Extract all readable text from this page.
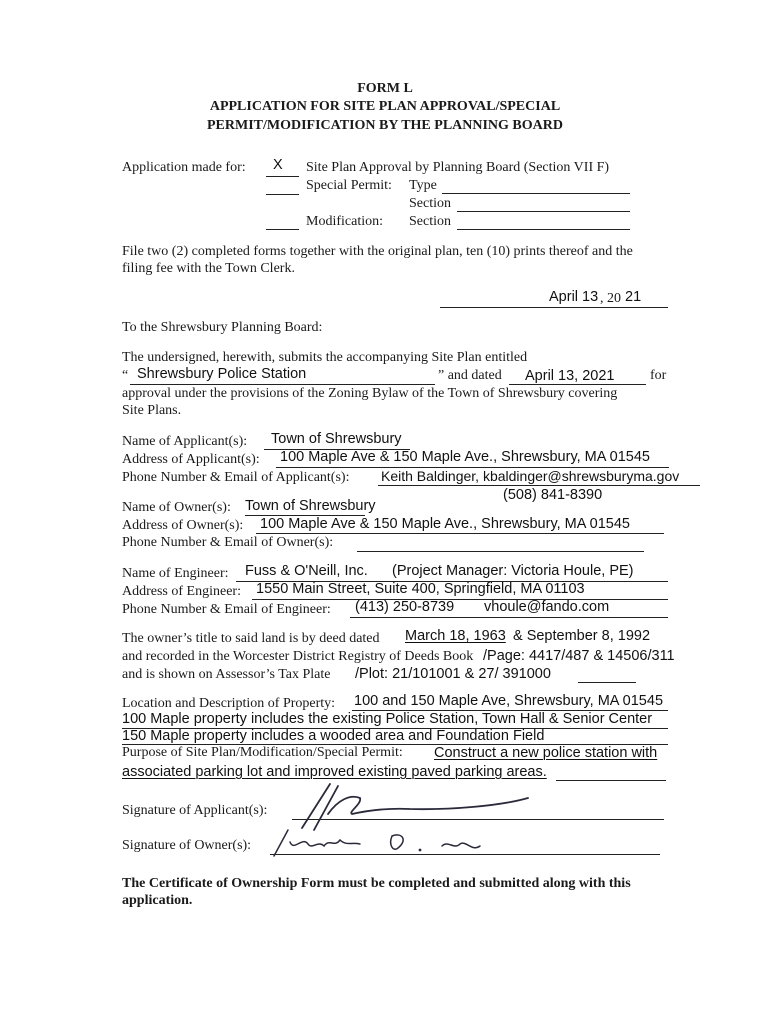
FORM L
APPLICATION FOR SITE PLAN APPROVAL/SPECIAL
PERMIT/MODIFICATION BY THE PLANNING BOARD
Application made for: X Site Plan Approval by Planning Board (Section VII F)
Special Permit: Type
Section
Modification: Section
File two (2) completed forms together with the original plan, ten (10) prints thereof and the
filing fee with the Town Clerk.
April 13 , 20 21
To the Shrewsbury Planning Board:
The undersigned, herewith, submits the accompanying Site Plan entitled
“ Shrewsbury Police Station	” and dated April 13, 2021	for
approval under the provisions of the Zoning Bylaw of the Town of Shrewsbury covering
Site Plans.
Name of Applicant(s): Town of Shrewsbury
Address of Applicant(s): 100 Maple Ave & 150 Maple Ave., Shrewsbury, MA 01545
Phone Number & Email of Applicant(s): Keith Baldinger, kbaldinger@shrewsburyma.gov
(508) 841-8390
Name of Owner(s): Town of Shrewsbury
Address of Owner(s): 100 Maple Ave & 150 Maple Ave., Shrewsbury, MA 01545
Phone Number & Email of Owner(s):
Name of Engineer: Fuss & O'Neill, Inc. (Project Manager: Victoria Houle, PE)
Address of Engineer: 1550 Main Street, Suite 400, Springfield, MA 01103
Phone Number & Email of Engineer: (413) 250-8739 vhoule@fando.com
The owner’s title to said land is by deed dated March 18, 1963 & September 8, 1992
and recorded in the Worcester District Registry of Deeds Book /Page: 4417/487 & 14506/311
and is shown on Assessor’s Tax Plate /Plot: 21/101001 & 27/ 391000
Location and Description of Property: 100 and 150 Maple Ave, Shrewsbury, MA 01545
100 Maple property includes the existing Police Station, Town Hall & Senior Center
150 Maple property includes a wooded area and Foundation Field
Purpose of Site Plan/Modification/Special Permit: Construct a new police station with
associated parking lot and improved existing paved parking areas.
Signature of Applicant(s):
Signature of Owner(s):
The Certificate of Ownership Form must be completed and submitted along with this
application.
